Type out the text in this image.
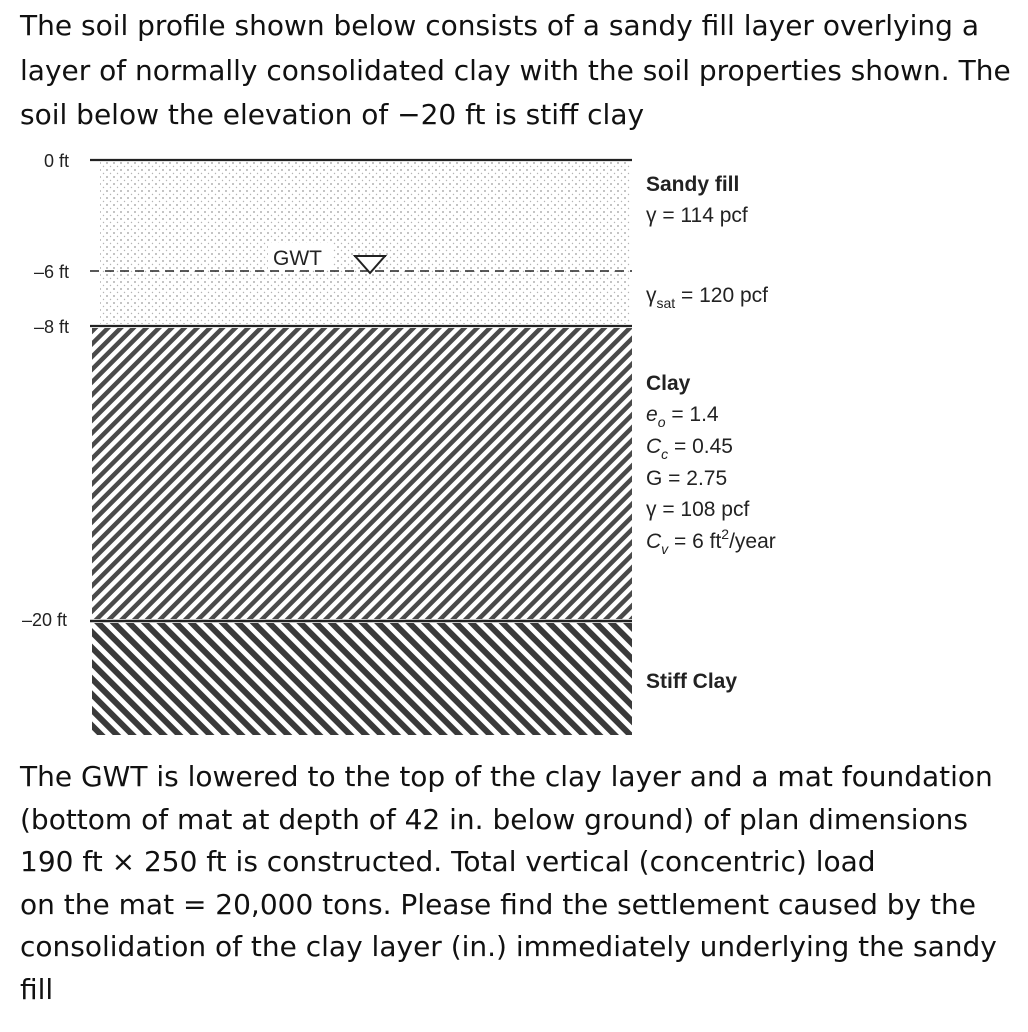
The soil profile shown below consists of a sandy fill layer overlying a
layer of normally consolidated clay with the soil properties shown. The
soil below the elevation of −20 ft is stiff clay
0 ft
–6 ft
–8 ft
–20 ft
GWT
Sandy fill
γ = 114 pcf
$\gamma_{sat} = 120$ pcf
Clay
$e_o = 1.4$
$C_c = 0.45$
G = 2.75
γ = 108 pcf
$C_v = 6$ $ft^2$/year
Stiff Clay
The GWT is lowered to the top of the clay layer and a mat foundation
(bottom of mat at depth of 42 in. below ground) of plan dimensions
190 ft × 250 ft is constructed. Total vertical (concentric) load
on the mat = 20,000 tons. Please find the settlement caused by the
consolidation of the clay layer (in.) immediately underlying the sandy
fill
